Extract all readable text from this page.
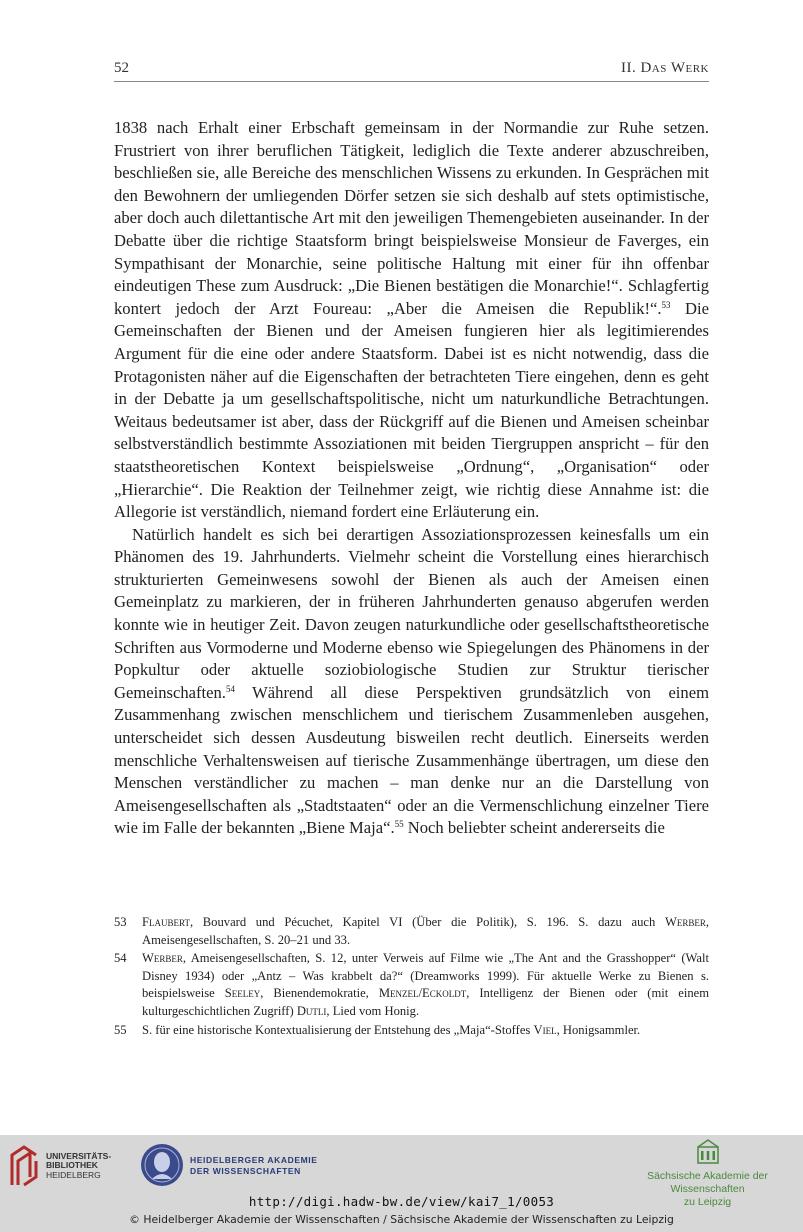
52	II. Das Werk

1838 nach Erhalt einer Erbschaft gemeinsam in der Normandie zur Ruhe setzen. Frustriert von ihrer beruflichen Tätigkeit, lediglich die Texte anderer abzuschreiben, beschließen sie, alle Bereiche des menschlichen Wissens zu erkunden. In Gesprächen mit den Bewohnern der umliegenden Dörfer setzen sie sich deshalb auf stets optimistische, aber doch auch dilettantische Art mit den jeweiligen Themengebieten auseinander. In der Debatte über die richtige Staatsform bringt beispielsweise Monsieur de Faverges, ein Sympathisant der Monarchie, seine politische Haltung mit einer für ihn offenbar eindeutigen These zum Ausdruck: „Die Bienen bestätigen die Monarchie!“. Schlagfertig kontert jedoch der Arzt Foureau: „Aber die Ameisen die Republik!“.$^{53}$ Die Gemeinschaften der Bienen und der Ameisen fungieren hier als legitimierendes Argument für die eine oder andere Staatsform. Dabei ist es nicht notwendig, dass die Protagonisten näher auf die Eigenschaften der betrachteten Tiere eingehen, denn es geht in der Debatte ja um gesellschaftspolitische, nicht um naturkundliche Betrachtungen. Weitaus bedeutsamer ist aber, dass der Rückgriff auf die Bienen und Ameisen scheinbar selbstverständlich bestimmte Assoziationen mit beiden Tiergruppen anspricht – für den staatstheoretischen Kontext beispielsweise „Ordnung“, „Organisation“ oder „Hierarchie“. Die Reaktion der Teilnehmer zeigt, wie richtig diese Annahme ist: die Allegorie ist verständlich, niemand fordert eine Erläuterung ein.

Natürlich handelt es sich bei derartigen Assoziationsprozessen keinesfalls um ein Phänomen des 19. Jahrhunderts. Vielmehr scheint die Vorstellung eines hierarchisch strukturierten Gemeinwesens sowohl der Bienen als auch der Ameisen einen Gemeinplatz zu markieren, der in früheren Jahrhunderten genauso abgerufen werden konnte wie in heutiger Zeit. Davon zeugen naturkundliche oder gesellschaftstheoretische Schriften aus Vormoderne und Moderne ebenso wie Spiegelungen des Phänomens in der Popkultur oder aktuelle soziobiologische Studien zur Struktur tierischer Gemeinschaften.$^{54}$ Während all diese Perspektiven grundsätzlich von einem Zusammenhang zwischen menschlichem und tierischem Zusammenleben ausgehen, unterscheidet sich dessen Ausdeutung bisweilen recht deutlich. Einerseits werden menschliche Verhaltensweisen auf tierische Zusammenhänge übertragen, um diese den Menschen verständlicher zu machen – man denke nur an die Darstellung von Ameisengesellschaften als „Stadtstaaten“ oder an die Vermenschlichung einzelner Tiere wie im Falle der bekannten „Biene Maja“.$^{55}$ Noch beliebter scheint andererseits die

53	Flaubert, Bouvard und Pécuchet, Kapitel VI (Über die Politik), S. 196. S. dazu auch Werber, Ameisengesellschaften, S. 20–21 und 33.
54	Werber, Ameisengesellschaften, S. 12, unter Verweis auf Filme wie „The Ant and the Grasshopper“ (Walt Disney 1934) oder „Antz – Was krabbelt da?“ (Dreamworks 1999). Für aktuelle Werke zu Bienen s. beispielsweise Seeley, Bienendemokratie, Menzel/Eckoldt, Intelligenz der Bienen oder (mit einem kulturgeschichtlichen Zugriff) Dutli, Lied vom Honig.
55	S. für eine historische Kontextualisierung der Entstehung des „Maja“-Stoffes Viel, Honigsammler.
UNIVERSITÄTS-
BIBLIOTHEK
HEIDELBERG
HEIDELBERGER AKADEMIE
DER WISSENSCHAFTEN	Sächsische Akademie der Wissenschaften
zu Leipzig
http://digi.hadw-bw.de/view/kai7_1/0053
© Heidelberger Akademie der Wissenschaften / Sächsische Akademie der Wissenschaften zu Leipzig
